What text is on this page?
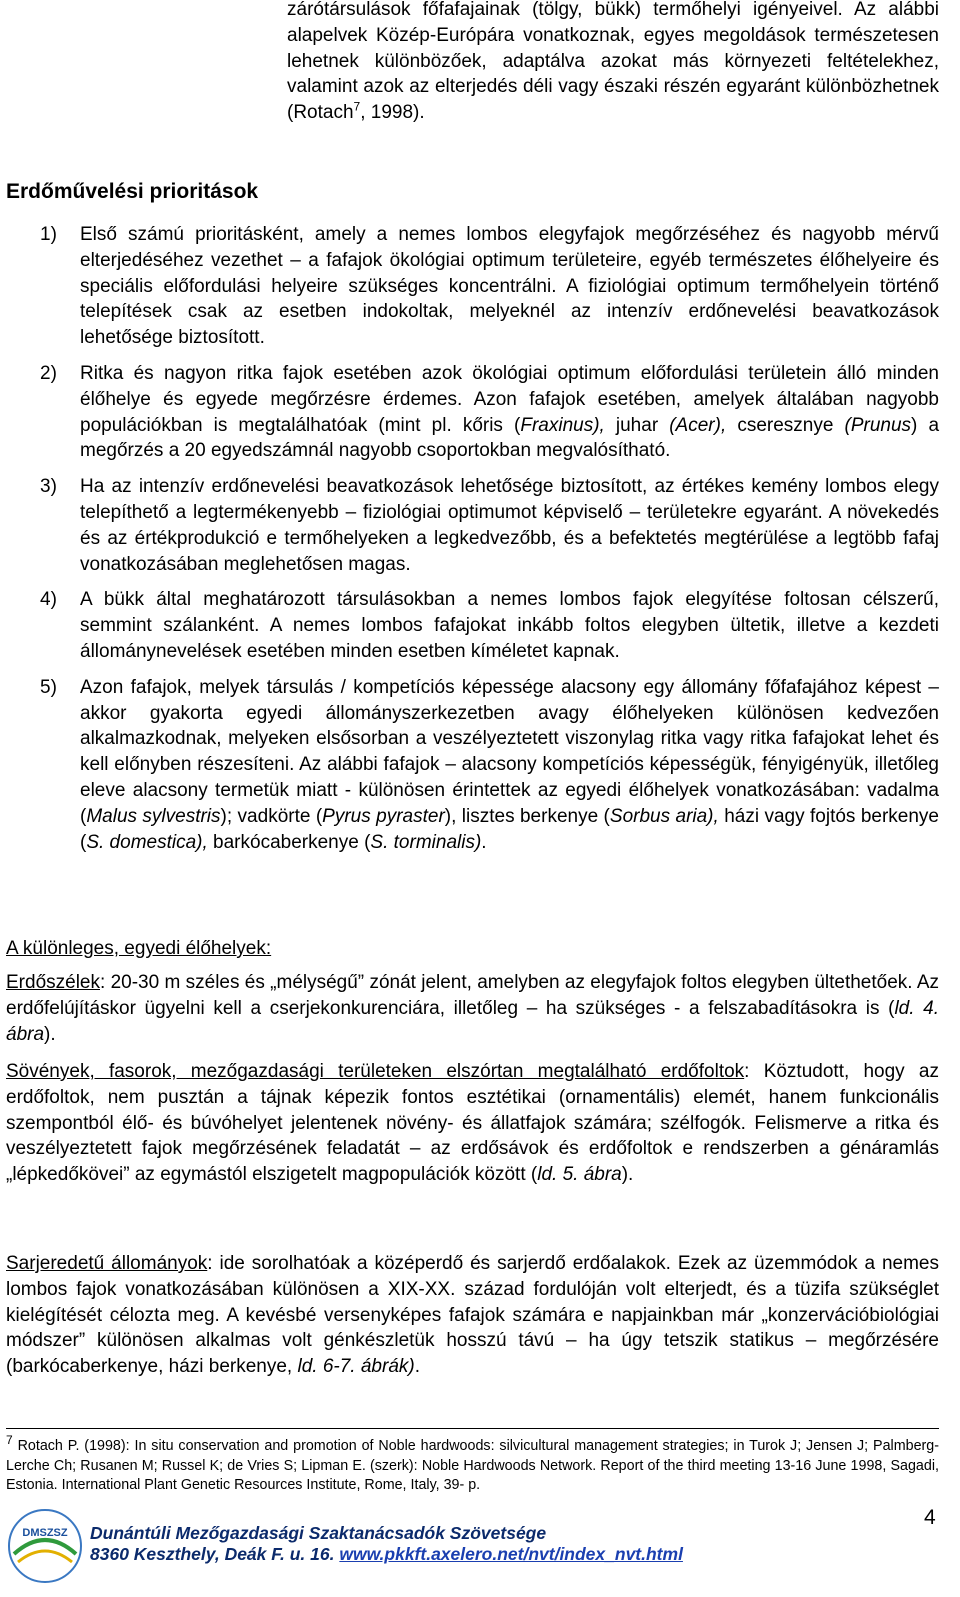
zárótársulások főfafajainak (tölgy, bükk) termőhelyi igényeivel. Az alábbi alapelvek Közép-Európára vonatkoznak, egyes megoldások természetesen lehetnek különbözőek, adaptálva azokat más környezeti feltételekhez, valamint azok az elterjedés déli vagy északi részén egyaránt különbözhetnek (Rotach$^7$, 1998).

Erdőművelési prioritások
1) Első számú prioritásként, amely a nemes lombos elegyfajok megőrzéséhez és nagyobb mérvű elterjedéséhez vezethet – a fafajok ökológiai optimum területeire, egyéb természetes élőhelyeire és speciális előfordulási helyeire szükséges koncentrálni. A fiziológiai optimum termőhelyein történő telepítések csak az esetben indokoltak, melyeknél az intenzív erdőnevelési beavatkozások lehetősége biztosított.
2) Ritka és nagyon ritka fajok esetében azok ökológiai optimum előfordulási területein álló minden élőhelye és egyede megőrzésre érdemes. Azon fafajok esetében, amelyek általában nagyobb populációkban is megtalálhatóak (mint pl. kőris (Fraxinus), juhar (Acer), cseresznye (Prunus) a megőrzés a 20 egyedszámnál nagyobb csoportokban megvalósítható.
3) Ha az intenzív erdőnevelési beavatkozások lehetősége biztosított, az értékes kemény lombos elegy telepíthető a legtermékenyebb – fiziológiai optimumot képviselő – területekre egyaránt. A növekedés és az értékprodukció e termőhelyeken a legkedvezőbb, és a befektetés megtérülése a legtöbb fafaj vonatkozásában meglehetősen magas.
4) A bükk által meghatározott társulásokban a nemes lombos fajok elegyítése foltosan célszerű, semmint szálanként. A nemes lombos fafajokat inkább foltos elegyben ültetik, illetve a kezdeti állománynevelések esetében minden esetben kíméletet kapnak.
5) Azon fafajok, melyek társulás / kompetíciós képessége alacsony egy állomány főfafajához képest – akkor gyakorta egyedi állományszerkezetben avagy élőhelyeken különösen kedvezően alkalmazkodnak, melyeken elsősorban a veszélyeztetett viszonylag ritka vagy ritka fafajokat lehet és kell előnyben részesíteni. Az alábbi fafajok – alacsony kompetíciós képességük, fényigényük, illetőleg eleve alacsony termetük miatt - különösen érintettek az egyedi élőhelyek vonatkozásában: vadalma (Malus sylvestris); vadkörte (Pyrus pyraster), lisztes berkenye (Sorbus aria), házi vagy fojtós berkenye (S. domestica), barkócaberkenye (S. torminalis).

A különleges, egyedi élőhelyek:

Erdőszélek: 20-30 m széles és „mélységű” zónát jelent, amelyben az elegyfajok foltos elegyben ültethetőek. Az erdőfelújításkor ügyelni kell a cserjekonkurenciára, illetőleg – ha szükséges - a felszabadításokra is (ld. 4. ábra).

Sövények, fasorok, mezőgazdasági területeken elszórtan megtalálható erdőfoltok: Köztudott, hogy az erdőfoltok, nem pusztán a tájnak képezik fontos esztétikai (ornamentális) elemét, hanem funkcionális szempontból élő- és búvóhelyet jelentenek növény- és állatfajok számára; szélfogók. Felismerve a ritka és veszélyeztetett fajok megőrzésének feladatát – az erdősávok és erdőfoltok e rendszerben a génáramlás „lépkedőkövei” az egymástól elszigetelt magpopulációk között (ld. 5. ábra).

Sarjeredetű állományok: ide sorolhatóak a középerdő és sarjerdő erdőalakok. Ezek az üzemmódok a nemes lombos fajok vonatkozásában különösen a XIX-XX. század fordulóján volt elterjedt, és a tüzifa szükséglet kielégítését célozta meg. A kevésbé versenyképes fafajok számára e napjainkban már „konzervációbiológiai módszer” különösen alkalmas volt génkészletük hosszú távú – ha úgy tetszik statikus – megőrzésére (barkócaberkenye, házi berkenye, ld. 6-7. ábrák).

$^7$ Rotach P. (1998): In situ conservation and promotion of Noble hardwoods: silvicultural management strategies; in Turok J; Jensen J; Palmberg-Lerche Ch; Rusanen M; Russel K; de Vries S; Lipman E. (szerk): Noble Hardwoods Network. Report of the third meeting 13-16 June 1998, Sagadi, Estonia. International Plant Genetic Resources Institute, Rome, Italy, 39- p.

DMSZSZ Dunántúli Mezőgazdasági Szaktanácsadók Szövetsége
8360 Keszthely, Deák F. u. 16. www.pkkft.axelero.net/nvt/index_nvt.html
4
